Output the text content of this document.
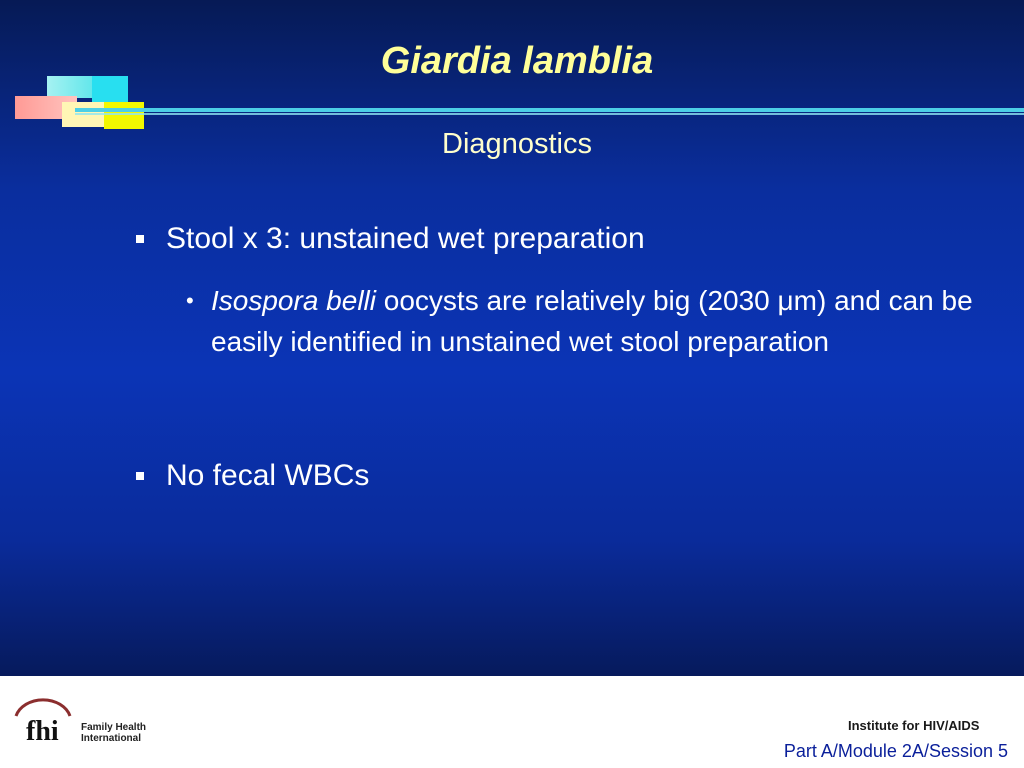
Giardia lamblia
Diagnostics
Stool x 3: unstained wet preparation
• Isospora belli oocysts are relatively big (2030 μm) and can be easily identified in unstained wet stool preparation
No fecal WBCs
fhi Family Health
International
Institute for HIV/AIDS
Part A/Module 2A/Session 5
